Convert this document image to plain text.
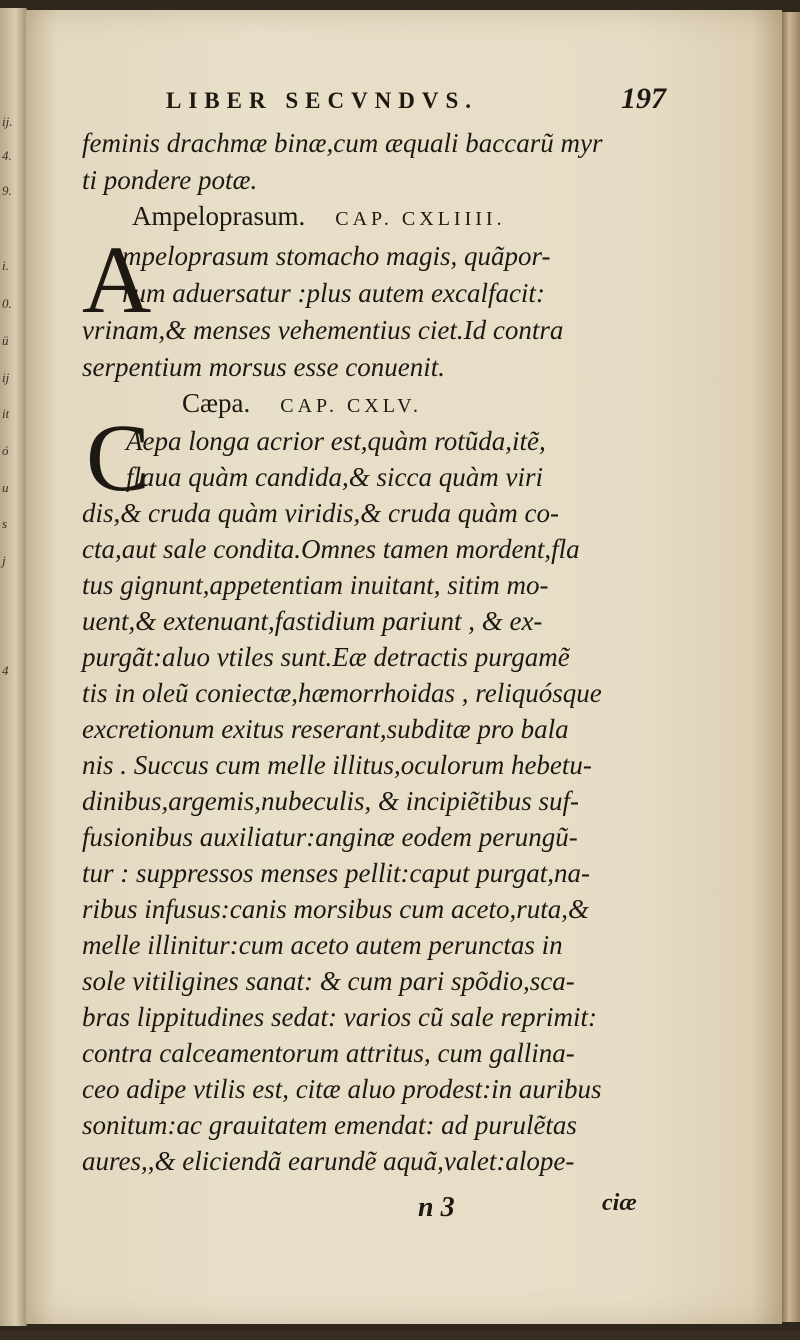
ij.
4.
9.
i.
0.
ü
ij
it
ó
u
s
j
4
LIBER SECVNDVS.	197
feminis drachmæ binæ,cum æquali baccarũ myr
ti pondere potæ.
Ampeloprasum. CAP. CXLIIII.
A
mpeloprasum stomacho magis, quãpor-
rum aduersatur :plus autem excalfacit:
vrinam,& menses vehementius ciet.Id contra
serpentium morsus esse conuenit.
Cæpa. CAP. CXLV.
C
Aepa longa acrior est,quàm rotũda,itẽ,
flaua quàm candida,& sicca quàm viri
dis,& cruda quàm viridis,& cruda quàm co-
cta,aut sale condita.Omnes tamen mordent,fla
tus gignunt,appetentiam inuitant, sitim mo-
uent,& extenuant,fastidium pariunt , & ex-
purgãt:aluo vtiles sunt.Eæ detractis purgamẽ
tis in oleũ coniectæ,hæmorrhoidas , reliquósque
excretionum exitus reserant,subditæ pro bala
nis . Succus cum melle illitus,oculorum hebetu-
dinibus,argemis,nubeculis, & incipiẽtibus suf-
fusionibus auxiliatur:anginæ eodem perungũ-
tur : suppressos menses pellit:caput purgat,na-
ribus infusus:canis morsibus cum aceto,ruta,&
melle illinitur:cum aceto autem perunctas in
sole vitiligines sanat: & cum pari spõdio,sca-
bras lippitudines sedat: varios cũ sale reprimit:
contra calceamentorum attritus, cum gallina-
ceo adipe vtilis est, citæ aluo prodest:in auribus
sonitum:ac grauitatem emendat: ad purulẽtas
aures,,& eliciendã earundẽ aquã,valet:alope-
n 3	ciæ
